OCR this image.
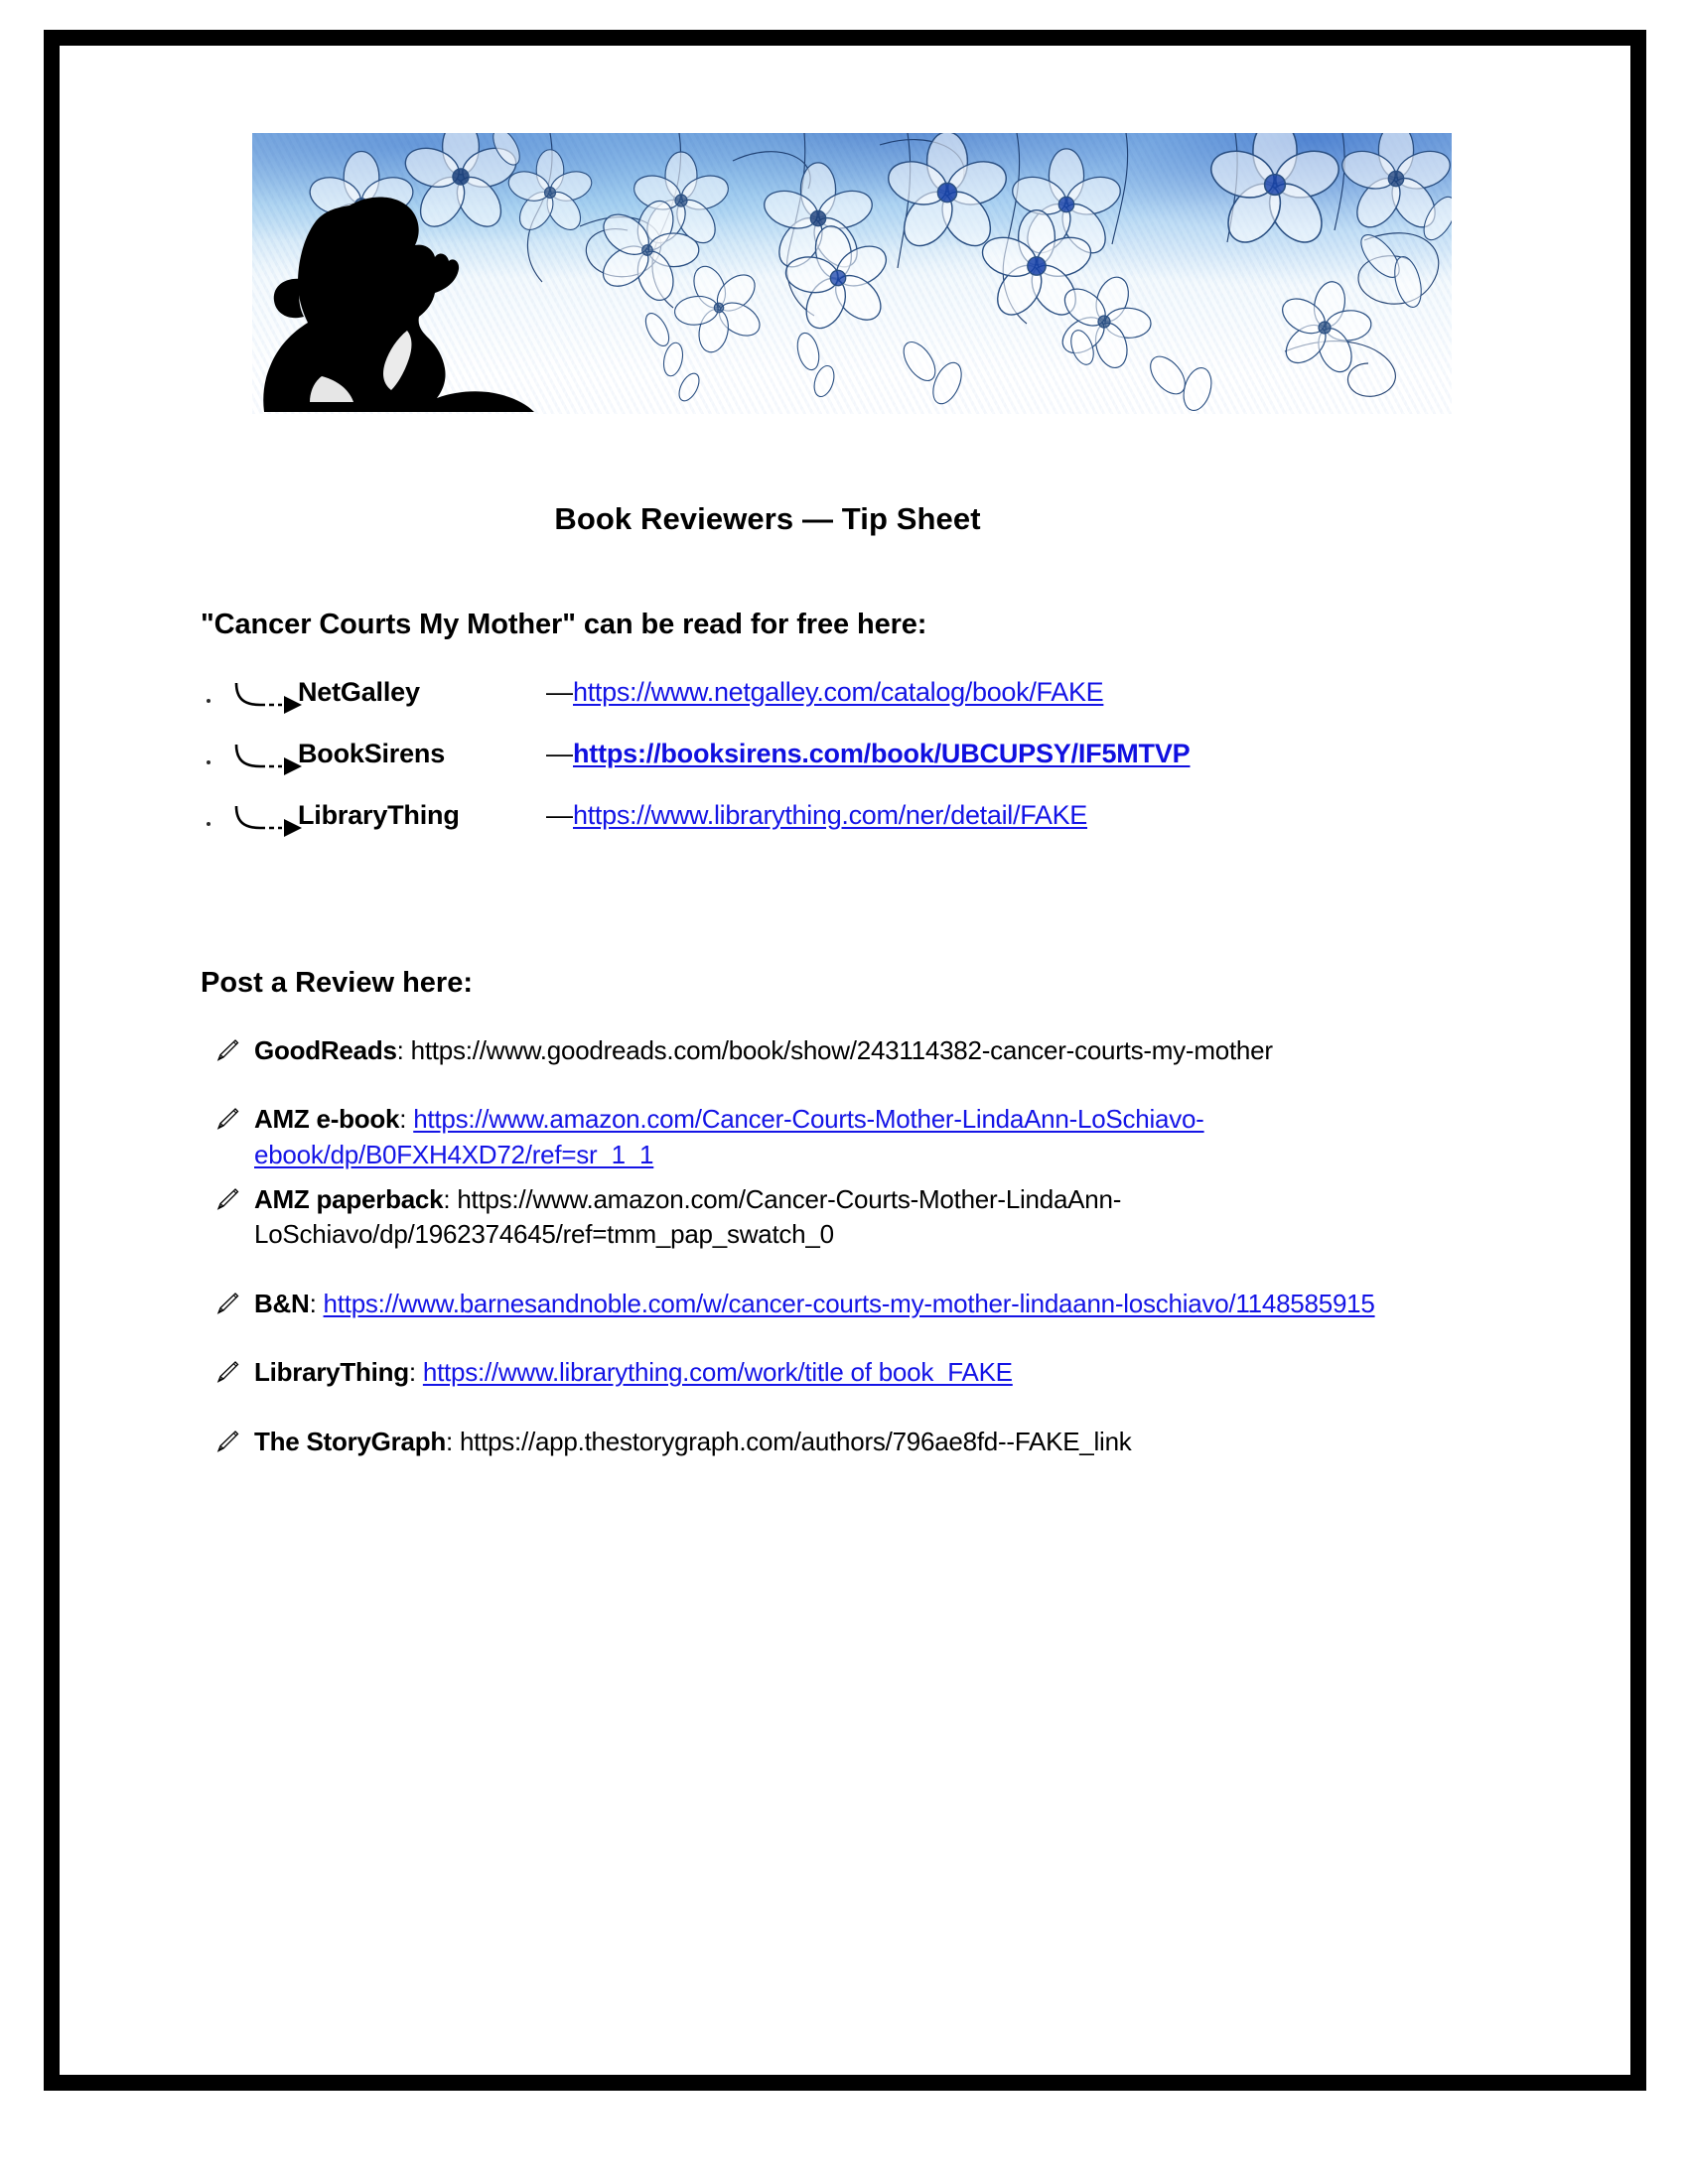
Book Reviewers — Tip Sheet
"Cancer Courts My Mother" can be read for free here:
NetGalley	— https://www.netgalley.com/catalog/book/FAKE
BookSirens	— https://booksirens.com/book/UBCUPSY/IF5MTVP
LibraryThing	— https://www.librarything.com/ner/detail/FAKE
Post a Review here:

GoodReads: https://www.goodreads.com/book/show/243114382-cancer-courts-my-mother

AMZ e-book: https://www.amazon.com/Cancer-Courts-Mother-LindaAnn-LoSchiavo-ebook/dp/B0FXH4XD72/ref=sr_1_1

AMZ paperback: https://www.amazon.com/Cancer-Courts-Mother-LindaAnn-LoSchiavo/dp/1962374645/ref=tmm_pap_swatch_0

B&N: https://www.barnesandnoble.com/w/cancer-courts-my-mother-lindaann-loschiavo/1148585915

LibraryThing: https://www.librarything.com/work/title of book_FAKE

The StoryGraph: https://app.thestorygraph.com/authors/796ae8fd--FAKE_link
